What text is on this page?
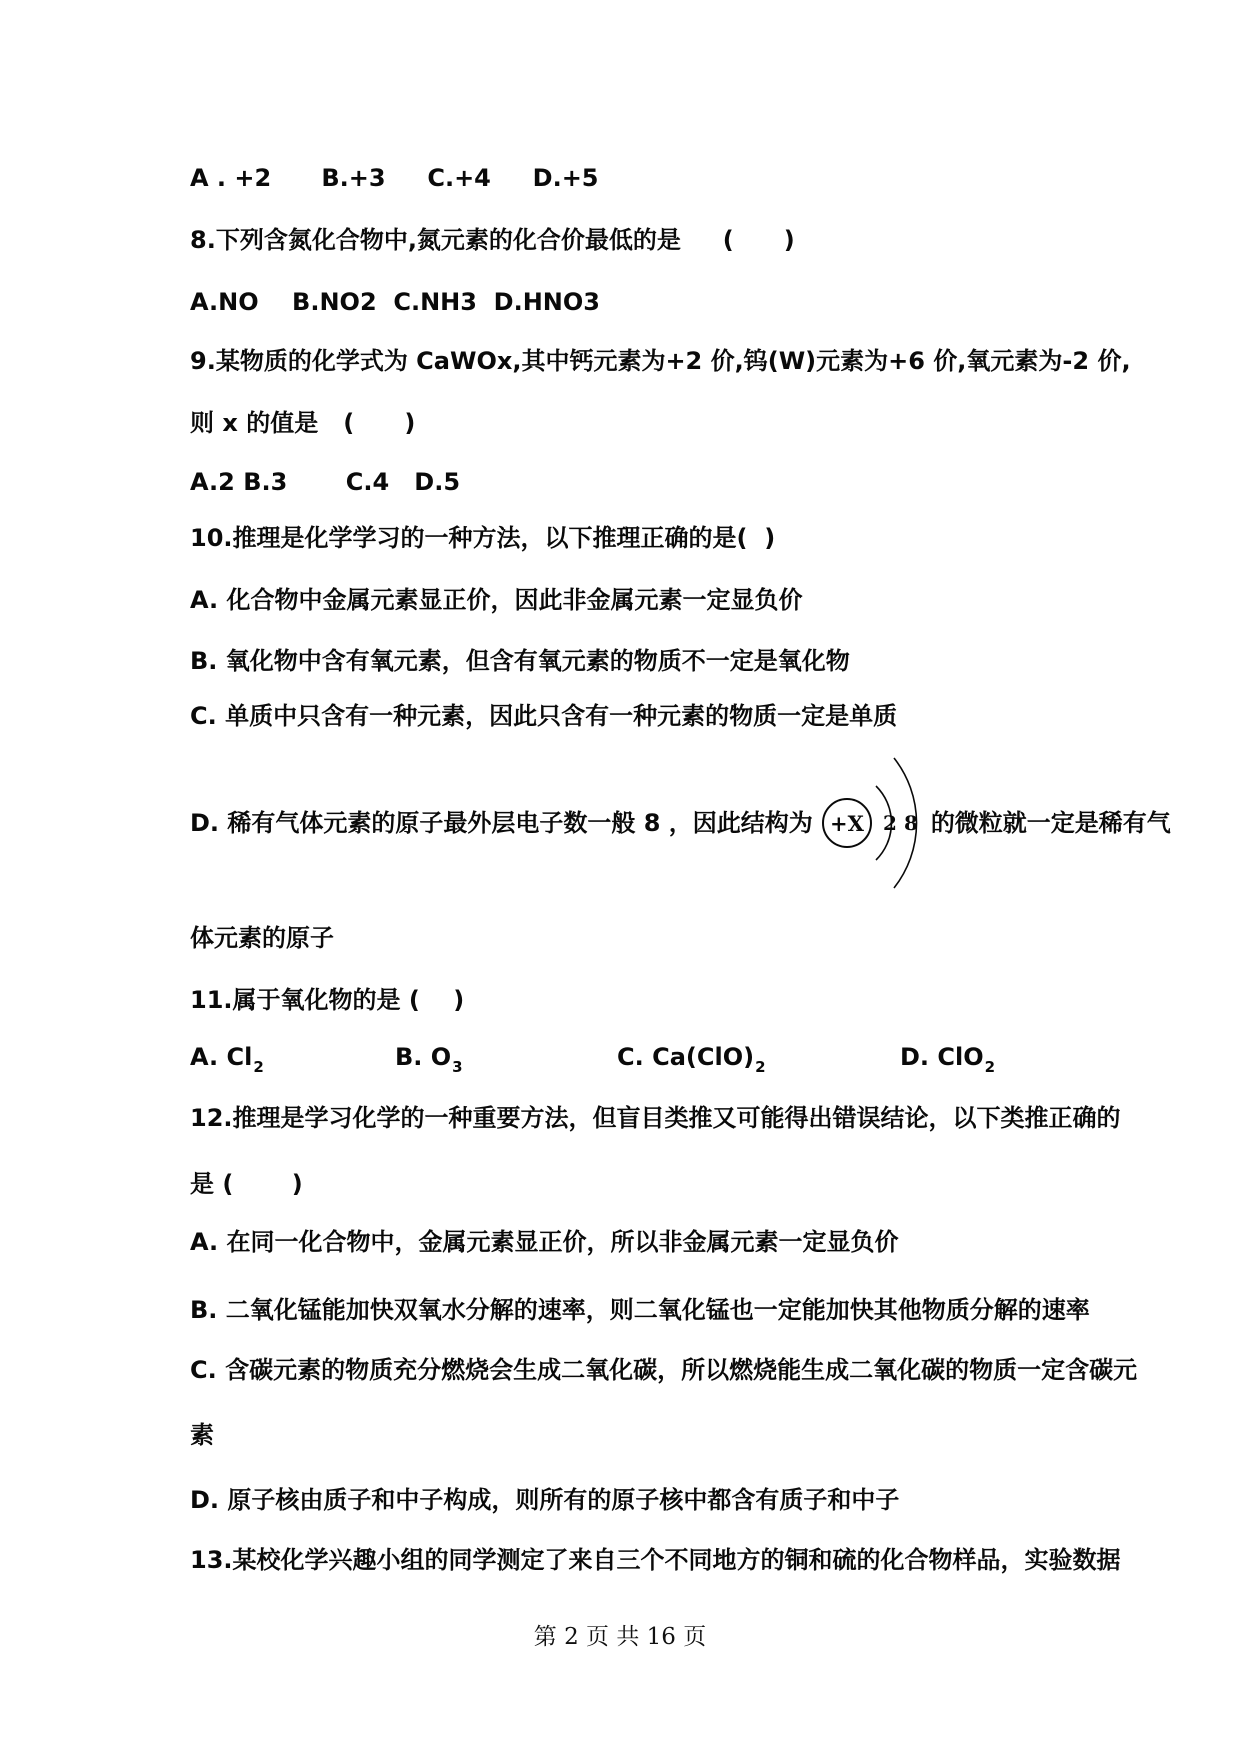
A . +2      B.+3     C.+4     D.+5
8.下列含氮化合物中,氮元素的化合价最低的是     (      )
A.NO    B.NO2  C.NH3  D.HNO3
9.某物质的化学式为 CaWOx,其中钙元素为+2 价,钨(W)元素为+6 价,氧元素为-2 价,
则 x 的值是   (      )
A.2 B.3       C.4   D.5
10.推理是化学学习的一种方法，以下推理正确的是(  )
A. 化合物中金属元素显正价，因此非金属元素一定显负价
B. 氧化物中含有氧元素，但含有氧元素的物质不一定是氧化物
C. 单质中只含有一种元素，因此只含有一种元素的物质一定是单质
D. 稀有气体元素的原子最外层电子数一般 8 ，因此结构为 +X 2 8 的微粒就一定是稀有气
体元素的原子
11.属于氧化物的是 (    )
A. $Cl_2$	B. $O_3$	C. $Ca(ClO)_2$	D. ClO$_2$
12.推理是学习化学的一种重要方法，但盲目类推又可能得出错误结论，以下类推正确的
是 (       )
A. 在同一化合物中，金属元素显正价，所以非金属元素一定显负价
B. 二氧化锰能加快双氧水分解的速率，则二氧化锰也一定能加快其他物质分解的速率
C. 含碳元素的物质充分燃烧会生成二氧化碳，所以燃烧能生成二氧化碳的物质一定含碳元
素
D. 原子核由质子和中子构成，则所有的原子核中都含有质子和中子
13.某校化学兴趣小组的同学测定了来自三个不同地方的铜和硫的化合物样品，实验数据
第 2 页 共 16 页
